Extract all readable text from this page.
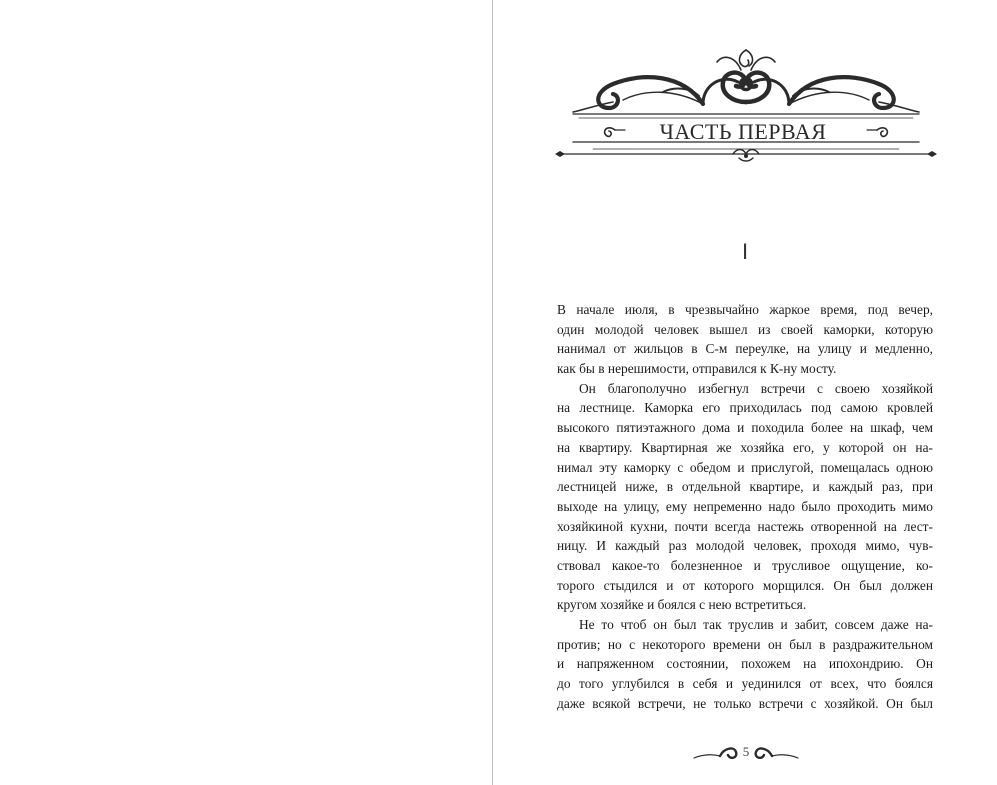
ЧАСТЬ ПЕРВАЯ
I
В начале июля, в чрезвычайно жаркое время, под вечер,
один молодой человек вышел из своей каморки, которую
нанимал от жильцов в С-м переулке, на улицу и медленно,
как бы в нерешимости, отправился к К-ну мосту.
Он благополучно избегнул встречи с своею хозяйкой
на лестнице. Каморка его приходилась под самою кровлей
высокого пятиэтажного дома и походила более на шкаф, чем
на квартиру. Квартирная же хозяйка его, у которой он на-
нимал эту каморку с обедом и прислугой, помещалась одною
лестницей ниже, в отдельной квартире, и каждый раз, при
выходе на улицу, ему непременно надо было проходить мимо
хозяйкиной кухни, почти всегда настежь отворенной на лест-
ницу. И каждый раз молодой человек, проходя мимо, чув-
ствовал какое-то болезненное и трусливое ощущение, ко-
торого стыдился и от которого морщился. Он был должен
кругом хозяйке и боялся с нею встретиться.
Не то чтоб он был так труслив и забит, совсем даже на-
против; но с некоторого времени он был в раздражительном
и напряженном состоянии, похожем на ипохондрию. Он
до того углубился в себя и уединился от всех, что боялся
даже всякой встречи, не только встречи с хозяйкой. Он был
5
